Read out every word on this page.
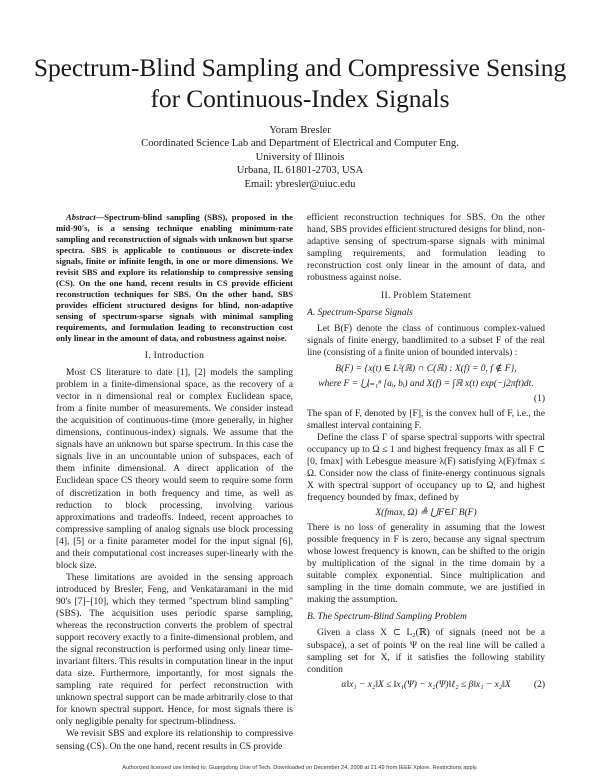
Spectrum-Blind Sampling and Compressive Sensing for Continuous-Index Signals
Yoram Bresler
Coordinated Science Lab and Department of Electrical and Computer Eng.
University of Illinois
Urbana, IL 61801-2703, USA
Email: ybresler@uiuc.edu

Abstract—Spectrum-blind sampling (SBS), proposed in the mid-90's, is a sensing technique enabling minimum-rate sampling and reconstruction of signals with unknown but sparse spectra. SBS is applicable to continuous or discrete-index signals, finite or infinite length, in one or more dimensions. We revisit SBS and explore its relationship to compressive sensing (CS). On the one hand, recent results in CS provide efficient reconstruction techniques for SBS. On the other hand, SBS provides efficient structured designs for blind, non-adaptive sensing of spectrum-sparse signals with minimal sampling requirements, and formulation leading to reconstruction cost only linear in the amount of data, and robustness against noise.

I. Introduction

Most CS literature to date [1], [2] models the sampling problem in a finite-dimensional space, as the recovery of a vector in n dimensional real or complex Euclidean space, from a finite number of measurements. We consider instead the acquisition of continuous-time (more generally, in higher dimensions, continuous-index) signals. We assume that the signals have an unknown but sparse spectrum. In this case the signals live in an uncountable union of subspaces, each of them infinite dimensional. A direct application of the Euclidean space CS theory would seem to require some form of discretization in both frequency and time, as well as reduction to block processing, involving various approximations and tradeoffs. Indeed, recent approaches to compressive sampling of analog signals use block processing [4], [5] or a finite parameter model for the input signal [6], and their computational cost increases super-linearly with the block size.

These limitations are avoided in the sensing approach introduced by Bresler, Feng, and Venkataramani in the mid 90's [7]–[10], which they termed "spectrum blind sampling" (SBS). The acquisition uses periodic sparse sampling, whereas the reconstruction converts the problem of spectral support recovery exactly to a finite-dimensional problem, and the signal reconstruction is performed using only linear time-invariant filters. This results in computation linear in the input data size. Furthermore, importantly, for most signals the sampling rate required for perfect reconstruction with unknown spectral support can be made arbitrarily close to that for known spectral support. Hence, for most signals there is only negligible penalty for spectrum-blindness.

We revisit SBS and explore its relationship to compressive sensing (CS). On the one hand, recent results in CS provide

efficient reconstruction techniques for SBS. On the other hand, SBS provides efficient structured designs for blind, non-adaptive sensing of spectrum-sparse signals with minimal sampling requirements, and formulation leading to reconstruction cost only linear in the amount of data, and robustness against noise.

II. Problem Statement
A. Spectrum-Sparse Signals

Let B(F) denote the class of continuous complex-valued signals of finite energy, bandlimited to a subset F of the real line (consisting of a finite union of bounded intervals) :

B(F) = {x(t) ∈ L²(ℝ) ∩ C(ℝ) : X(f) = 0, f ∉ F},
where F = ⋃ᵢ₌₁ⁿ [aᵢ, bᵢ) and X(f) = ∫ℝ x(t) exp(−j2πft)dt.
(1)

The span of F, denoted by [F], is the convex hull of F, i.e., the smallest interval containing F.

Define the class Γ of sparse spectral supports with spectral occupancy up to Ω ≤ 1 and highest frequency fmax as all F ⊂ [0, fmax] with Lebesgue measure λ(F) satisfying λ(F)/fmax ≤ Ω. Consider now the class of finite-energy continuous signals X with spectral support of occupancy up to Ω, and highest frequency bounded by fmax, defined by

X(fmax, Ω) ≜ ⋃F∈Γ B(F)

There is no loss of generality in assuming that the lowest possible frequency in F is zero, because any signal spectrum whose lowest frequency is known, can be shifted to the origin by multiplication of the signal in the time domain by a suitable complex exponential. Since multiplication and sampling in the time domain commute, we are justified in making the assumption.

B. The Spectrum-Blind Sampling Problem

Given a class X ⊂ L₂(ℝ) of signals (need not be a subspace), a set of points Ψ on the real line will be called a sampling set for X, if it satisfies the following stability condition

α‖x₁ − x₂‖X ≤ ‖x₁(Ψ) − x₂(Ψ)‖ℓ₂ ≤ β‖x₁ − x₂‖X (2)
Authorized licensed use limited to: Guangdong Univ of Tech. Downloaded on December 24, 2008 at 21:49 from IEEE Xplore. Restrictions apply.
